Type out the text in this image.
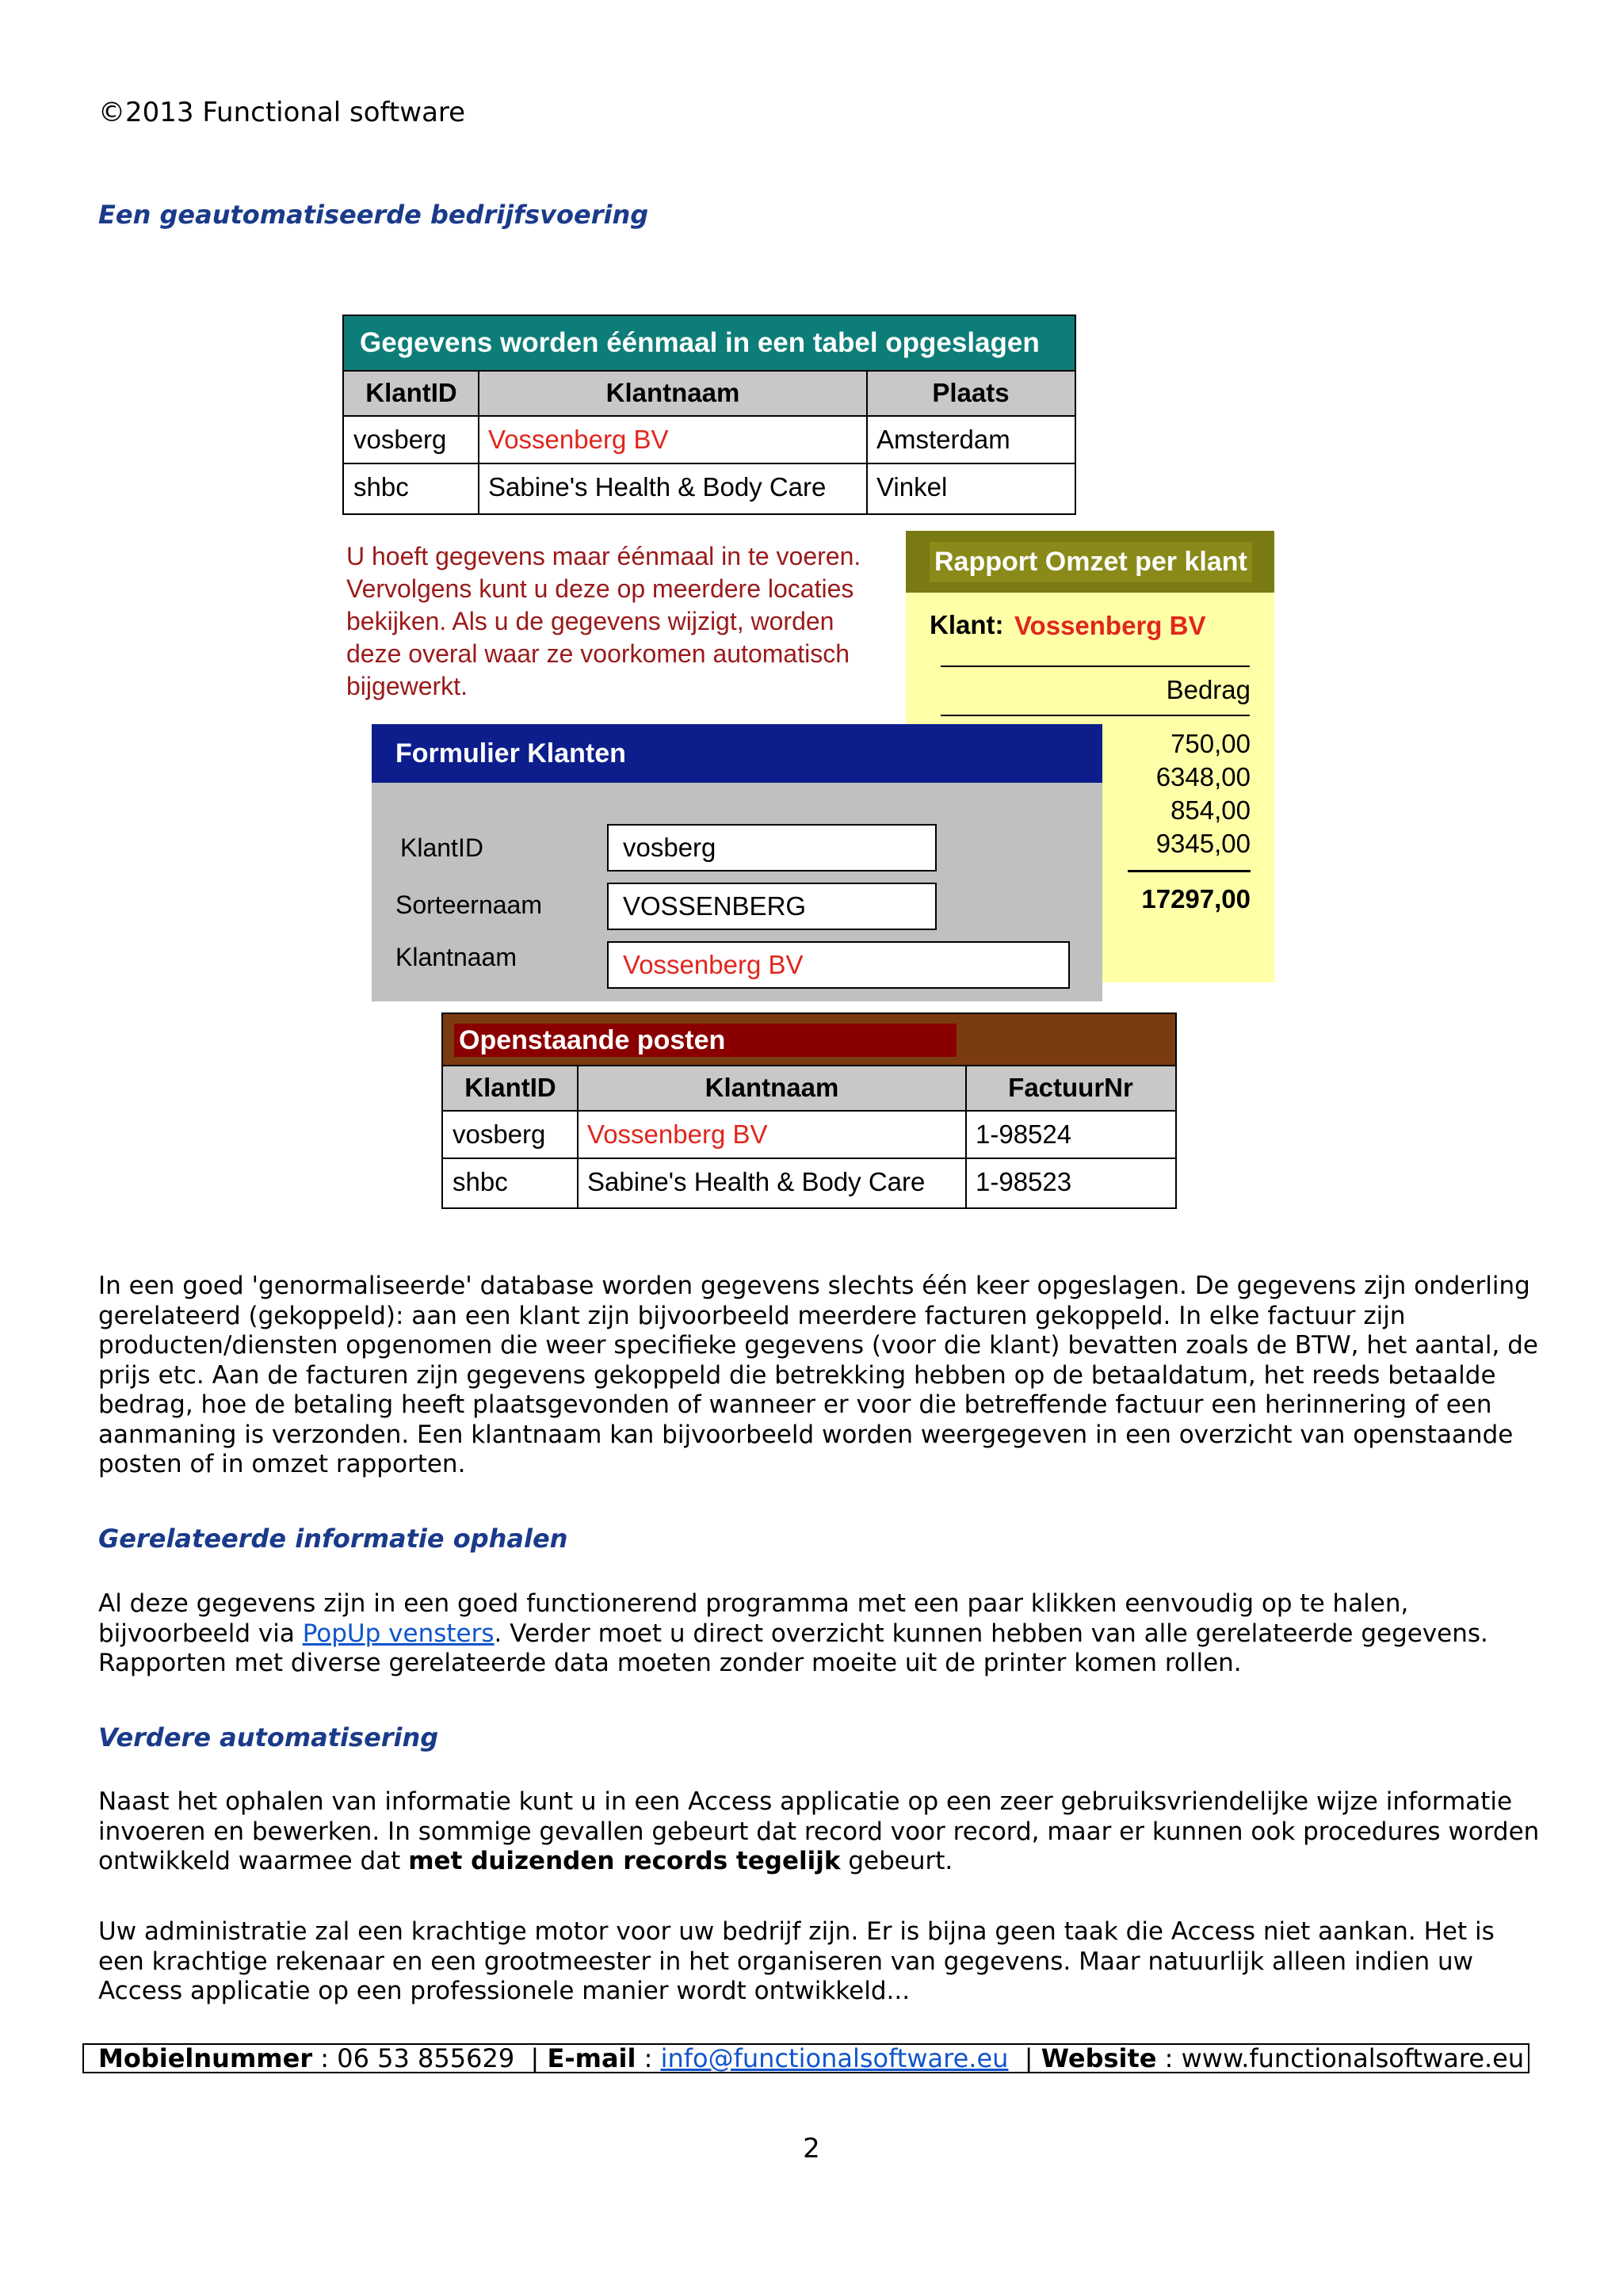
©2013 Functional software
Een geautomatiseerde bedrijfsvoering
Gegevens worden éénmaal in een tabel opgeslagen
KlantID	Klantnaam	Plaats
vosberg	Vossenberg BV	Amsterdam
shbc	Sabine's Health & Body Care	Vinkel
U hoeft gegevens maar éénmaal in te voeren.
Vervolgens kunt u deze op meerdere locaties
bekijken. Als u de gegevens wijzigt, worden
deze overal waar ze voorkomen automatisch
bijgewerkt.
Rapport Omzet per klant
Klant: Vossenberg BV
Bedrag
750,00
6348,00
854,00
9345,00
17297,00
Formulier Klanten
KlantID	vosberg
Sorteernaam	VOSSENBERG
Klantnaam	Vossenberg BV
Openstaande posten
KlantID	Klantnaam	FactuurNr
vosberg	Vossenberg BV	1-98524
shbc	Sabine's Health & Body Care	1-98523
In een goed 'genormaliseerde' database worden gegevens slechts één keer opgeslagen. De gegevens zijn onderling gerelateerd (gekoppeld): aan een klant zijn bijvoorbeeld meerdere facturen gekoppeld. In elke factuur zijn producten/diensten opgenomen die weer specifieke gegevens (voor die klant) bevatten zoals de BTW, het aantal, de prijs etc. Aan de facturen zijn gegevens gekoppeld die betrekking hebben op de betaaldatum, het reeds betaalde bedrag, hoe de betaling heeft plaatsgevonden of wanneer er voor die betreffende factuur een herinnering of een aanmaning is verzonden. Een klantnaam kan bijvoorbeeld worden weergegeven in een overzicht van openstaande posten of in omzet rapporten.
Gerelateerde informatie ophalen
Al deze gegevens zijn in een goed functionerend programma met een paar klikken eenvoudig op te halen, bijvoorbeeld via PopUp vensters. Verder moet u direct overzicht kunnen hebben van alle gerelateerde gegevens. Rapporten met diverse gerelateerde data moeten zonder moeite uit de printer komen rollen.
Verdere automatisering
Naast het ophalen van informatie kunt u in een Access applicatie op een zeer gebruiksvriendelijke wijze informatie invoeren en bewerken. In sommige gevallen gebeurt dat record voor record, maar er kunnen ook procedures worden ontwikkeld waarmee dat met duizenden records tegelijk gebeurt.
Uw administratie zal een krachtige motor voor uw bedrijf zijn. Er is bijna geen taak die Access niet aankan. Het is een krachtige rekenaar en een grootmeester in het organiseren van gegevens. Maar natuurlijk alleen indien uw Access applicatie op een professionele manier wordt ontwikkeld...
Mobielnummer : 06 53 855629 | E-mail : info@functionalsoftware.eu | Website : www.functionalsoftware.eu
2
